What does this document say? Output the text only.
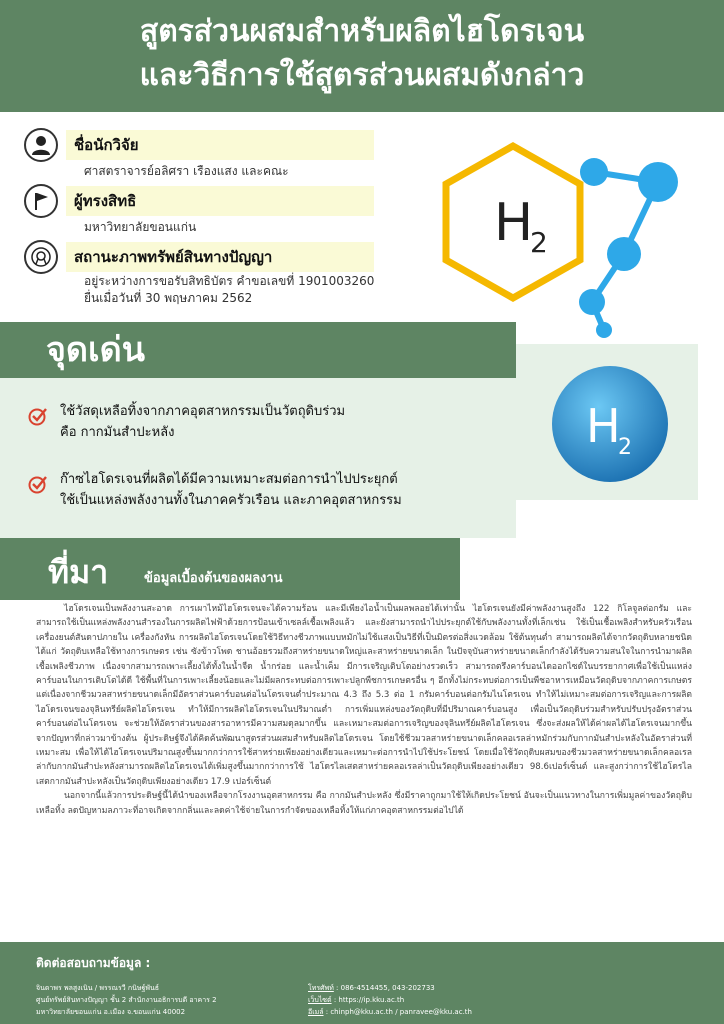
สูตรส่วนผสมสำหรับผลิตไฮโดรเจน
และวิธีการใช้สูตรส่วนผสมดังกล่าว
ชื่อนักวิจัย
ศาสตราจารย์อลิศรา เรืองแสง และคณะ
ผู้ทรงสิทธิ
มหาวิทยาลัยขอนแก่น
สถานะภาพทรัพย์สินทางปัญญา
อยู่ระหว่างการขอรับสิทธิบัตร คำขอเลขที่ 1901003260
ยื่นเมื่อวันที่ 30 พฤษภาคม 2562
H
2
จุดเด่น
H
2
ใช้วัสดุเหลือทิ้งจากภาคอุตสาหกรรมเป็นวัตถุดิบร่วม
คือ กากมันสำปะหลัง
ก๊าซไฮโดรเจนที่ผลิตได้มีความเหมาะสมต่อการนำไปประยุกต์
ใช้เป็นแหล่งพลังงานทั้งในภาคครัวเรือน และภาคอุตสาหกรรม
ที่มา	ข้อมูลเบื้องต้นของผลงาน

ไฮโดรเจนเป็นพลังงานสะอาด การเผาไหม้ไฮโดรเจนจะได้ความร้อน และมีเพียงไอน้ำเป็นผลพลอยได้เท่านั้น ไฮโดรเจนยังมีค่าพลังงานสูงถึง 122 กิโลจูลต่อกรัม และสามารถใช้เป็นแหล่งพลังงานสำรองในการผลิตไฟฟ้าด้วยการป้อนเข้าเซลล์เชื้อเพลิงแล้ว และยังสามารถนำไปประยุกต์ใช้กับพลังงานทั้งที่เล็กเช่น ใช้เป็นเชื้อเพลิงสำหรับครัวเรือน เครื่องยนต์สันดาปภายใน เครื่องกังหัน การผลิตไฮโดรเจนโดยใช้วิธีทางชีวภาพแบบหมักไม่ใช้แสงเป็นวิธีที่เป็นมิตรต่อสิ่งแวดล้อม ใช้ต้นทุนต่ำ สามารถผลิตได้จากวัตถุดิบหลายชนิด ได้แก่ วัตถุดิบเหลือใช้ทางการเกษตร เช่น ซังข้าวโพด ชานอ้อยรวมถึงสาหร่ายขนาดใหญ่และสาหร่ายขนาดเล็ก ในปัจจุบันสาหร่ายขนาดเล็กกำลังได้รับความสนใจในการนำมาผลิตเชื้อเพลิงชีวภาพ เนื่องจากสามารถเพาะเลี้ยงได้ทั้งในน้ำจืด น้ำกร่อย และน้ำเค็ม มีการเจริญเติบโตอย่างรวดเร็ว สามารถตรึงคาร์บอนไดออกไซด์ในบรรยากาศเพื่อใช้เป็นแหล่งคาร์บอนในการเติบโตได้ดี ใช้พื้นที่ในการเพาะเลี้ยงน้อยและไม่มีผลกระทบต่อการเพาะปลูกพืชการเกษตรอื่น ๆ อีกทั้งไม่กระทบต่อการเป็นพืชอาหารเหมือนวัตถุดิบจากภาคการเกษตร แต่เนื่องจากชีวมวลสาหร่ายขนาดเล็กมีอัตราส่วนคาร์บอนต่อไนโตรเจนต่ำประมาณ 4.3 ถึง 5.3 ต่อ 1 กรัมคาร์บอนต่อกรัมไนโตรเจน ทำให้ไม่เหมาะสมต่อการเจริญและการผลิตไฮโดรเจนของจุลินทรีย์ผลิตไฮโดรเจน ทำให้มีการผลิตไฮโดรเจนในปริมาณต่ำ การเพิ่มแหล่งของวัตถุดิบที่มีปริมาณคาร์บอนสูง เพื่อเป็นวัตถุดิบร่วมสำหรับปรับปรุงอัตราส่วนคาร์บอนต่อไนโตรเจน จะช่วยให้อัตราส่วนของสารอาหารมีความสมดุลมากขึ้น และเหมาะสมต่อการเจริญของจุลินทรีย์ผลิตไฮโดรเจน ซึ่งจะส่งผลให้ได้ค่าผลได้ไฮโดรเจนมากขึ้น จากปัญหาที่กล่าวมาข้างต้น ผู้ประดิษฐ์จึงได้คิดค้นพัฒนาสูตรส่วนผสมสำหรับผลิตไฮโดรเจน โดยใช้ชีวมวลสาหร่ายขนาดเล็กคลอเรลล่าหมักร่วมกับกากมันสำปะหลังในอัตราส่วนที่เหมาะสม เพื่อให้ได้ไฮโดรเจนปริมาณสูงขึ้นมากกว่าการใช้สาหร่ายเพียงอย่างเดียวและเหมาะต่อการนำไปใช้ประโยชน์ โดยเมื่อใช้วัตถุดิบผสมของชีวมวลสาหร่ายขนาดเล็กคลอเรลล่ากับกากมันสำปะหลังสามารถผลิตไฮโดรเจนได้เพิ่มสูงขึ้นมากกว่าการใช้ ไฮโดรไลเสตสาหร่ายคลอเรลล่าเป็นวัตถุดิบเพียงอย่างเดียว 98.6เปอร์เซ็นต์ และสูงกว่าการใช้ไฮโดรไลเสตกากมันสำปะหลังเป็นวัตถุดิบเพียงอย่างเดียว 17.9 เปอร์เซ็นต์

นอกจากนี้แล้วการประดิษฐ์นี้ได้นำของเหลือจากโรงงานอุตสาหกรรม คือ กากมันสำปะหลัง ซึ่งมีราคาถูกมาใช้ให้เกิดประโยชน์ อันจะเป็นแนวทางในการเพิ่มมูลค่าของวัตถุดิบเหลือทิ้ง ลดปัญหามลภาวะที่อาจเกิดจากกลิ่นและลดค่าใช้จ่ายในการกำจัดของเหลือทิ้งให้แก่ภาคอุตสาหกรรมต่อไปได้

ติดต่อสอบถามข้อมูล :
จินดาพร พลสูงเนิน / พรรณรวี กนิษฐ์พันธ์
ศูนย์ทรัพย์สินทางปัญญา ชั้น 2 สำนักงานอธิการบดี อาคาร 2
มหาวิทยาลัยขอนแก่น อ.เมือง จ.ขอนแก่น 40002
โทรศัพท์ : 086-4514455, 043-202733
เว็บไซต์ : https://ip.kku.ac.th
อีเมล์ : chinph@kku.ac.th / panravee@kku.ac.th
